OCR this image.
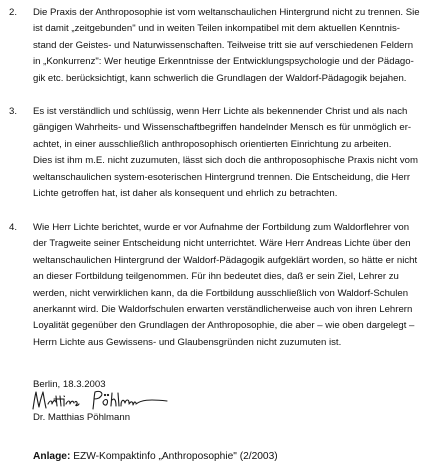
2. Die Praxis der Anthroposophie ist vom weltanschaulichen Hintergrund nicht zu trennen. Sie
ist damit „zeitgebunden" und in weiten Teilen inkompatibel mit dem aktuellen Kenntnis-
stand der Geistes- und Naturwissenschaften. Teilweise tritt sie auf verschiedenen Feldern
in „Konkurrenz": Wer heutige Erkenntnisse der Entwicklungspsychologie und der Pädago-
gik etc. berücksichtigt, kann schwerlich die Grundlagen der Waldorf-Pädagogik bejahen.
3. Es ist verständlich und schlüssig, wenn Herr Lichte als bekennender Christ und als nach
gängigen Wahrheits- und Wissenschaftbegriffen handelnder Mensch es für unmöglich er-
achtet, in einer ausschließlich anthroposophisch orientierten Einrichtung zu arbeiten.
Dies ist ihm m.E. nicht zuzumuten, lässt sich doch die anthroposophische Praxis nicht vom
weltanschaulichen system-esoterischen Hintergrund trennen. Die Entscheidung, die Herr
Lichte getroffen hat, ist daher als konsequent und ehrlich zu betrachten.
4. Wie Herr Lichte berichtet, wurde er vor Aufnahme der Fortbildung zum Waldorflehrer von
der Tragweite seiner Entscheidung nicht unterrichtet. Wäre Herr Andreas Lichte über den
weltanschaulichen Hintergrund der Waldorf-Pädagogik aufgeklärt worden, so hätte er nicht
an dieser Fortbildung teilgenommen. Für ihn bedeutet dies, daß er sein Ziel, Lehrer zu
werden, nicht verwirklichen kann, da die Fortbildung ausschließlich von Waldorf-Schulen
anerkannt wird. Die Waldorfschulen erwarten verständlicherweise auch von ihren Lehrern
Loyalität gegenüber den Grundlagen der Anthroposophie, die aber – wie oben dargelegt –
Herrn Lichte aus Gewissens- und Glaubensgründen nicht zuzumuten ist.
Berlin, 18.3.2003
Dr. Matthias Pöhlmann
Anlage: EZW-Kompaktinfo „Anthroposophie" (2/2003)
